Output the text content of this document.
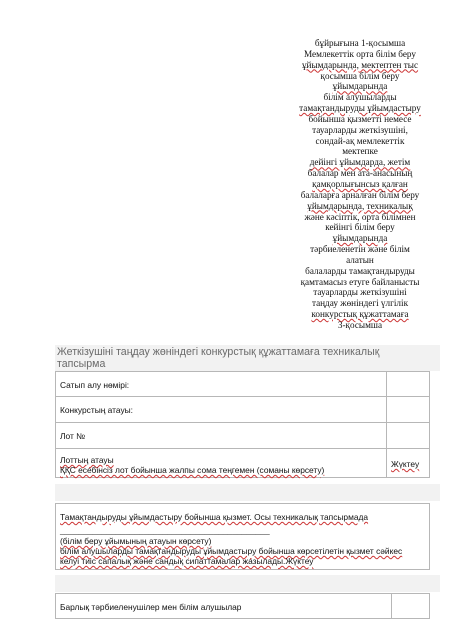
бұйрығына 1-қосымша
Мемлекеттік орта білім беру
ұйымдарында, мектептен тыс
қосымша білім беру
ұйымдарында
білім алушыларды
тамақтандыруды ұйымдастыру
бойынша қызметті немесе
тауарларды жеткізушіні,
сондай-ақ мемлекеттік
мектепке
дейінгі ұйымдарда, жетім
балалар мен ата-анасының
қамқорлығынсыз қалған
балаларға арналған білім беру
ұйымдарында, техникалық
және кәсіптік, орта білімнен
кейінгі білім беру
ұйымдарында
тәрбиеленетін және білім
алатын
балаларды тамақтандыруды
қамтамасыз етуге байланысты
тауарларды жеткізушіні
таңдау жөніндегі үлгілік
конкурстық құжаттамаға
3-қосымша
Жеткізушіні таңдау жөніндегі конкурстық құжаттамаға техникалық
тапсырма
Сатып алу нөмірі:
Конкурстың атауы:
Лот №
Лоттың атауы
ҚҚС есебінсіз лот бойынша жалпы сома теңгемен (соманы көрсету)
Жүктеу
Тамақтандыруды ұйымдастыру бойынша қызмет. Осы техникалық тапсырмада
_____________________________________________
(білім беру ұйымының атауын көрсету)
білім алушыларды тамақтандыруды ұйымдастыру бойынша көрсетілетін қызмет сәйкес
келуі тиіс сапалық және сандық сипаттамалар жазылады.Жүктеу
Барлық тәрбиеленушілер мен білім алушылар
